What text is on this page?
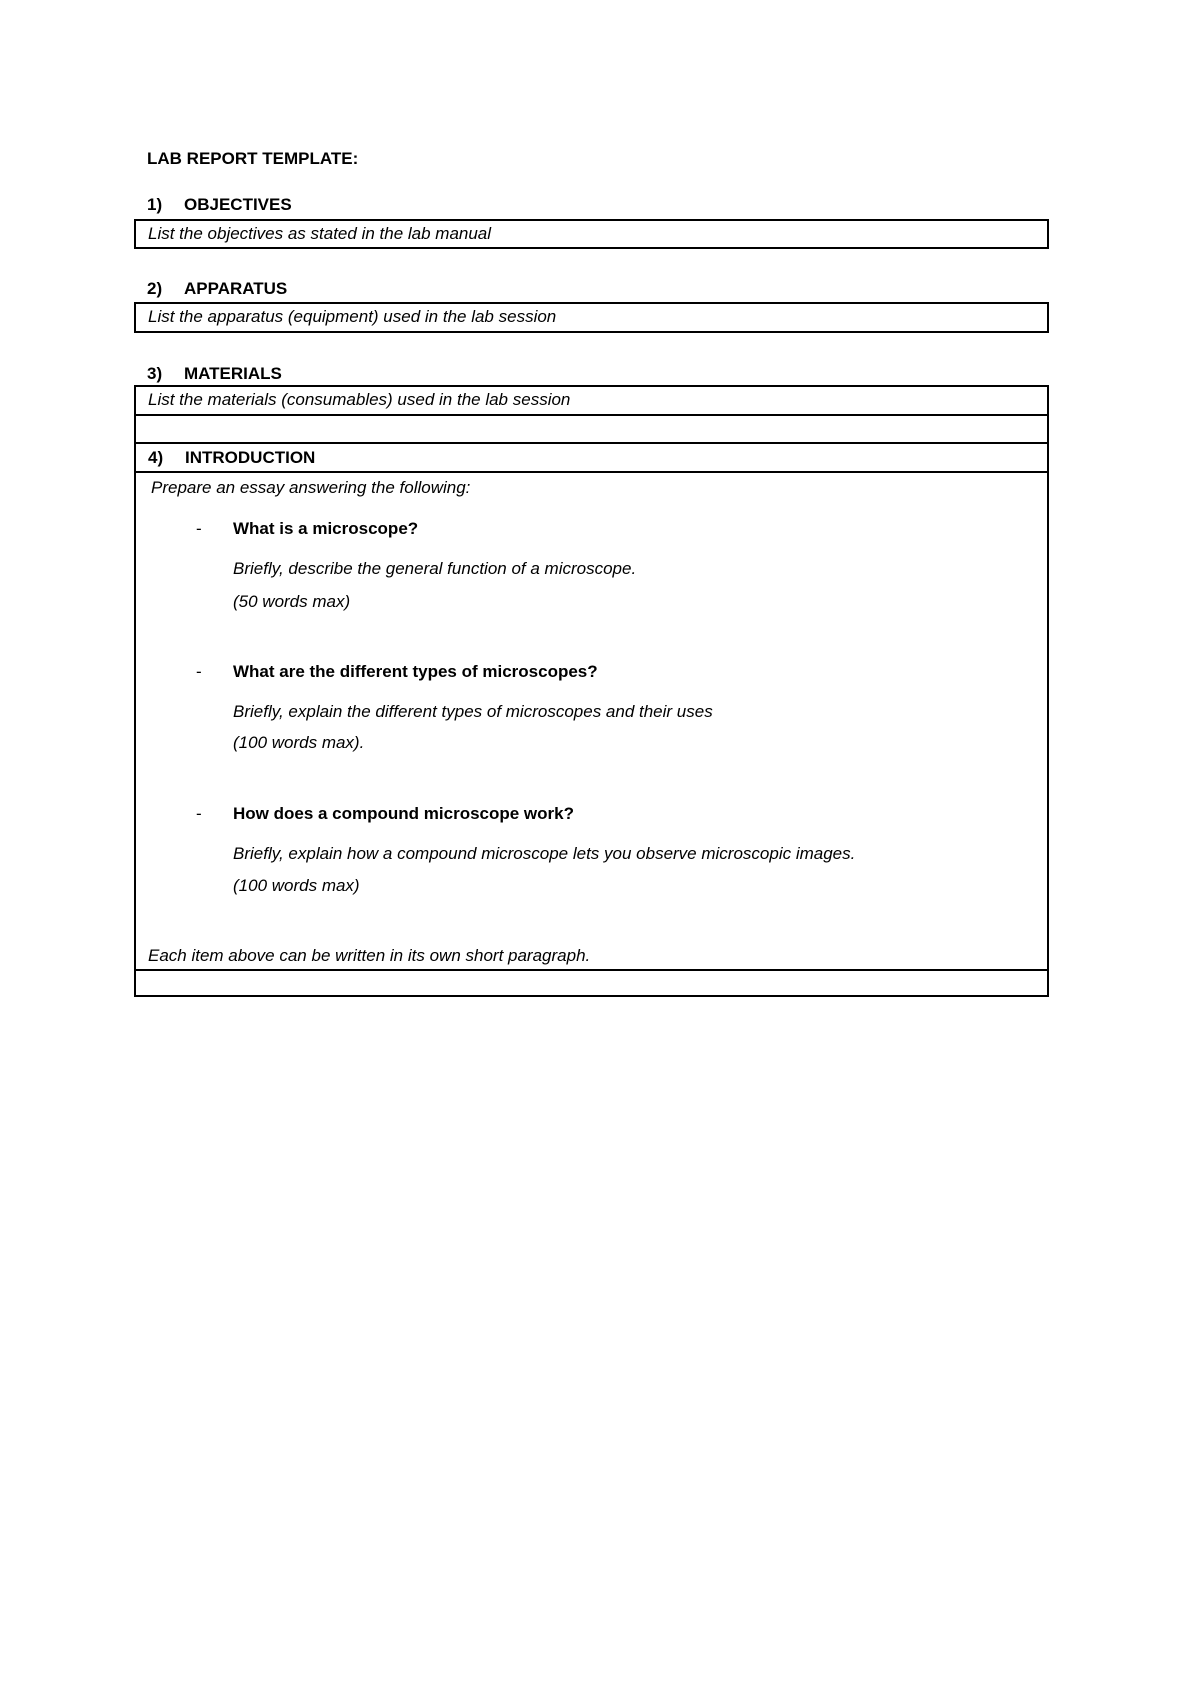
LAB REPORT TEMPLATE:
1) OBJECTIVES
List the objectives as stated in the lab manual
2) APPARATUS
List the apparatus (equipment) used in the lab session
3) MATERIALS
List the materials (consumables) used in the lab session
4) INTRODUCTION
Prepare an essay answering the following:
- What is a microscope?
Briefly, describe the general function of a microscope.
(50 words max)
- What are the different types of microscopes?
Briefly, explain the different types of microscopes and their uses
(100 words max).
- How does a compound microscope work?
Briefly, explain how a compound microscope lets you observe microscopic images.
(100 words max)
Each item above can be written in its own short paragraph.
